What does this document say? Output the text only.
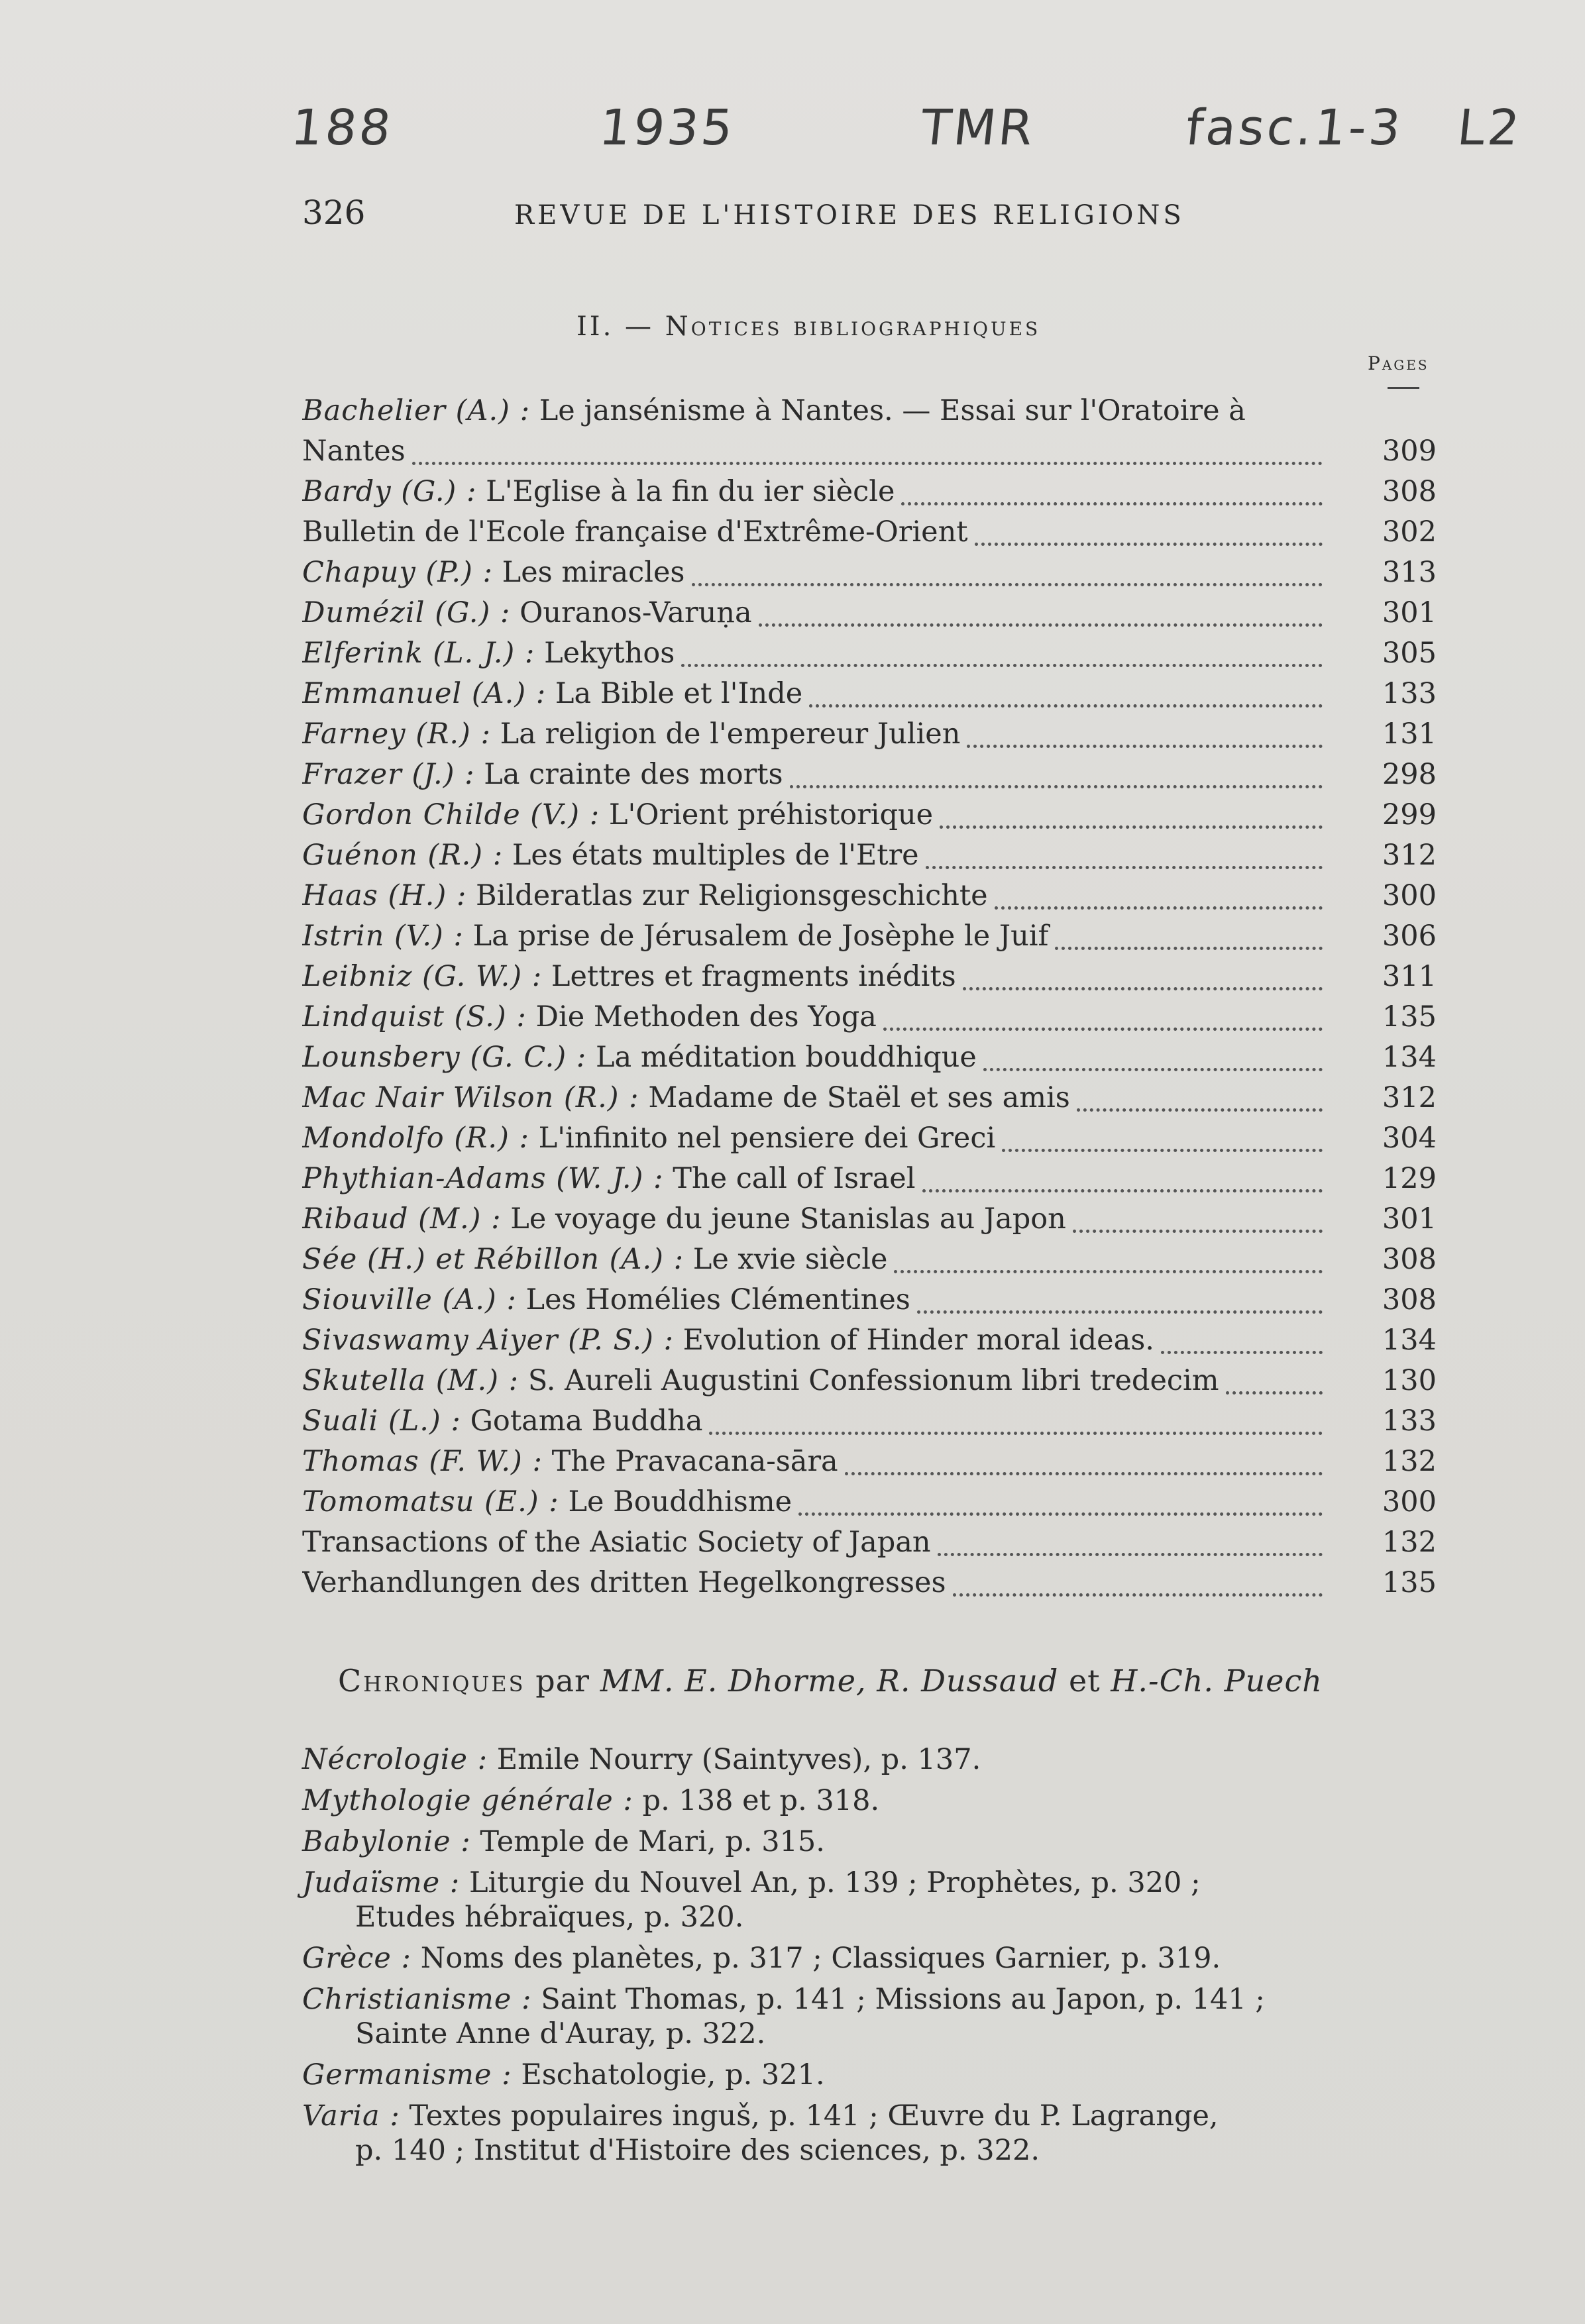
188	1935	TMR	fasc.1-3 L2
326	REVUE DE L'HISTOIRE DES RELIGIONS
II. — Notices bibliographiques
Pages
Bachelier (A.) : Le jansénisme à Nantes. — Essai sur l'Oratoire à Nantes	309
Bardy (G.) : L'Eglise à la fin du ier siècle	308
Bulletin de l'Ecole française d'Extrême-Orient	302
Chapuy (P.) : Les miracles	313
Dumézil (G.) : Ouranos-Varuṇa	301
Elferink (L. J.) : Lekythos	305
Emmanuel (A.) : La Bible et l'Inde	133
Farney (R.) : La religion de l'empereur Julien	131
Frazer (J.) : La crainte des morts	298
Gordon Childe (V.) : L'Orient préhistorique	299
Guénon (R.) : Les états multiples de l'Etre	312
Haas (H.) : Bilderatlas zur Religionsgeschichte	300
Istrin (V.) : La prise de Jérusalem de Josèphe le Juif	306
Leibniz (G. W.) : Lettres et fragments inédits	311
Lindquist (S.) : Die Methoden des Yoga	135
Lounsbery (G. C.) : La méditation bouddhique	134
Mac Nair Wilson (R.) : Madame de Staël et ses amis	312
Mondolfo (R.) : L'infinito nel pensiere dei Greci	304
Phythian-Adams (W. J.) : The call of Israel	129
Ribaud (M.) : Le voyage du jeune Stanislas au Japon	301
Sée (H.) et Rébillon (A.) : Le xvie siècle	308
Siouville (A.) : Les Homélies Clémentines	308
Sivaswamy Aiyer (P. S.) : Evolution of Hinder moral ideas.	134
Skutella (M.) : S. Aureli Augustini Confessionum libri tredecim	130
Suali (L.) : Gotama Buddha	133
Thomas (F. W.) : The Pravacana-sāra	132
Tomomatsu (E.) : Le Bouddhisme	300
Transactions of the Asiatic Society of Japan	132
Verhandlungen des dritten Hegelkongresses	135
Chroniques par MM. E. Dhorme, R. Dussaud et H.-Ch. Puech
Nécrologie : Emile Nourry (Saintyves), p. 137.
Mythologie générale : p. 138 et p. 318.
Babylonie : Temple de Mari, p. 315.
Judaïsme : Liturgie du Nouvel An, p. 139 ; Prophètes, p. 320 ;
Etudes hébraïques, p. 320.
Grèce : Noms des planètes, p. 317 ; Classiques Garnier, p. 319.
Christianisme : Saint Thomas, p. 141 ; Missions au Japon, p. 141 ;
Sainte Anne d'Auray, p. 322.
Germanisme : Eschatologie, p. 321.
Varia : Textes populaires inguš, p. 141 ; Œuvre du P. Lagrange,
p. 140 ; Institut d'Histoire des sciences, p. 322.
